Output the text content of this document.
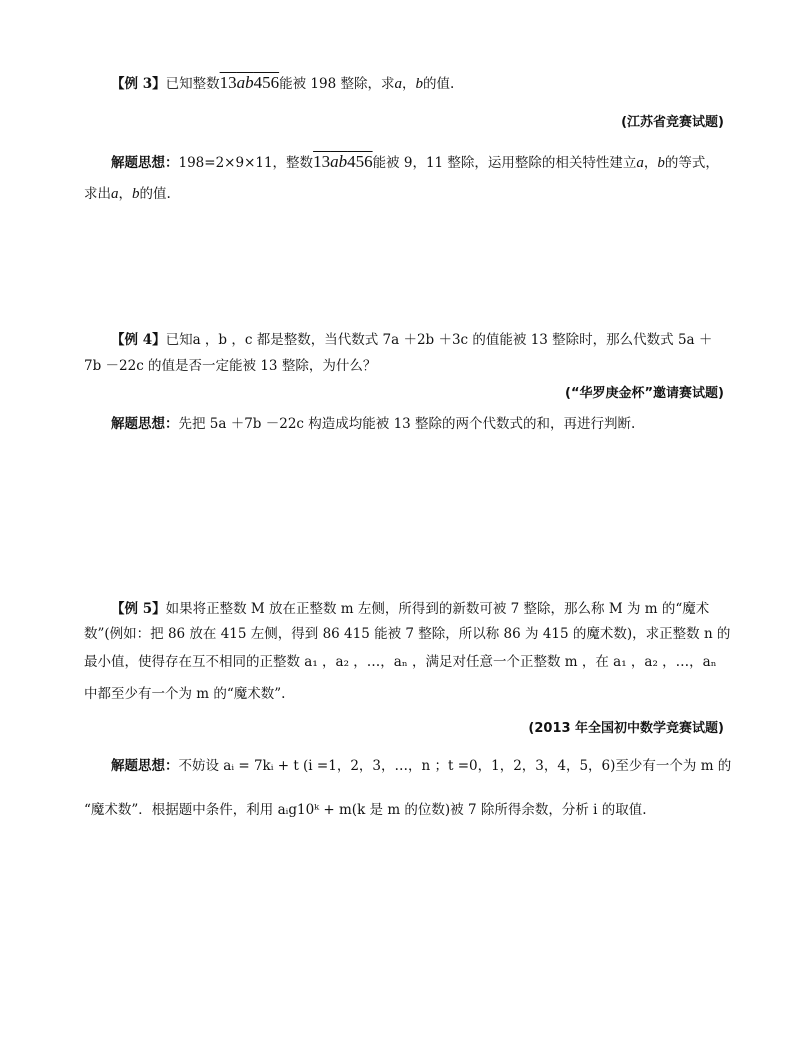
【例 3】已知整数13ab456能被 198 整除，求a，b的值.
(江苏省竞赛试题)
解题思想：198=2×9×11，整数13ab456能被 9，11 整除，运用整除的相关特性建立a，b的等式，
求出a，b的值.
【例 4】已知a ，b ，c 都是整数，当代数式 7a ＋2b ＋3c 的值能被 13 整除时，那么代数式 5a ＋
7b －22c 的值是否一定能被 13 整除，为什么？
(“华罗庚金杯”邀请赛试题)
解题思想：先把 5a ＋7b －22c 构造成均能被 13 整除的两个代数式的和，再进行判断.
【例 5】如果将正整数 M 放在正整数 m 左侧，所得到的新数可被 7 整除，那么称 M 为 m 的“魔术
数”(例如：把 86 放在 415 左侧，得到 86 415 能被 7 整除，所以称 86 为 415 的魔术数)，求正整数 n 的
最小值，使得存在互不相同的正整数 a₁ ，a₂ ，…，aₙ ，满足对任意一个正整数 m ，在 a₁ ，a₂ ，…，aₙ
中都至少有一个为 m 的“魔术数”.
(2013 年全国初中数学竞赛试题)
解题思想：不妨设 aᵢ = 7kᵢ + t (i =1，2，3，…，n ；t =0，1，2，3，4，5，6)至少有一个为 m 的
“魔术数”．根据题中条件，利用 aᵢg10ᵏ + m(k 是 m 的位数)被 7 除所得余数，分析 i 的取值.
